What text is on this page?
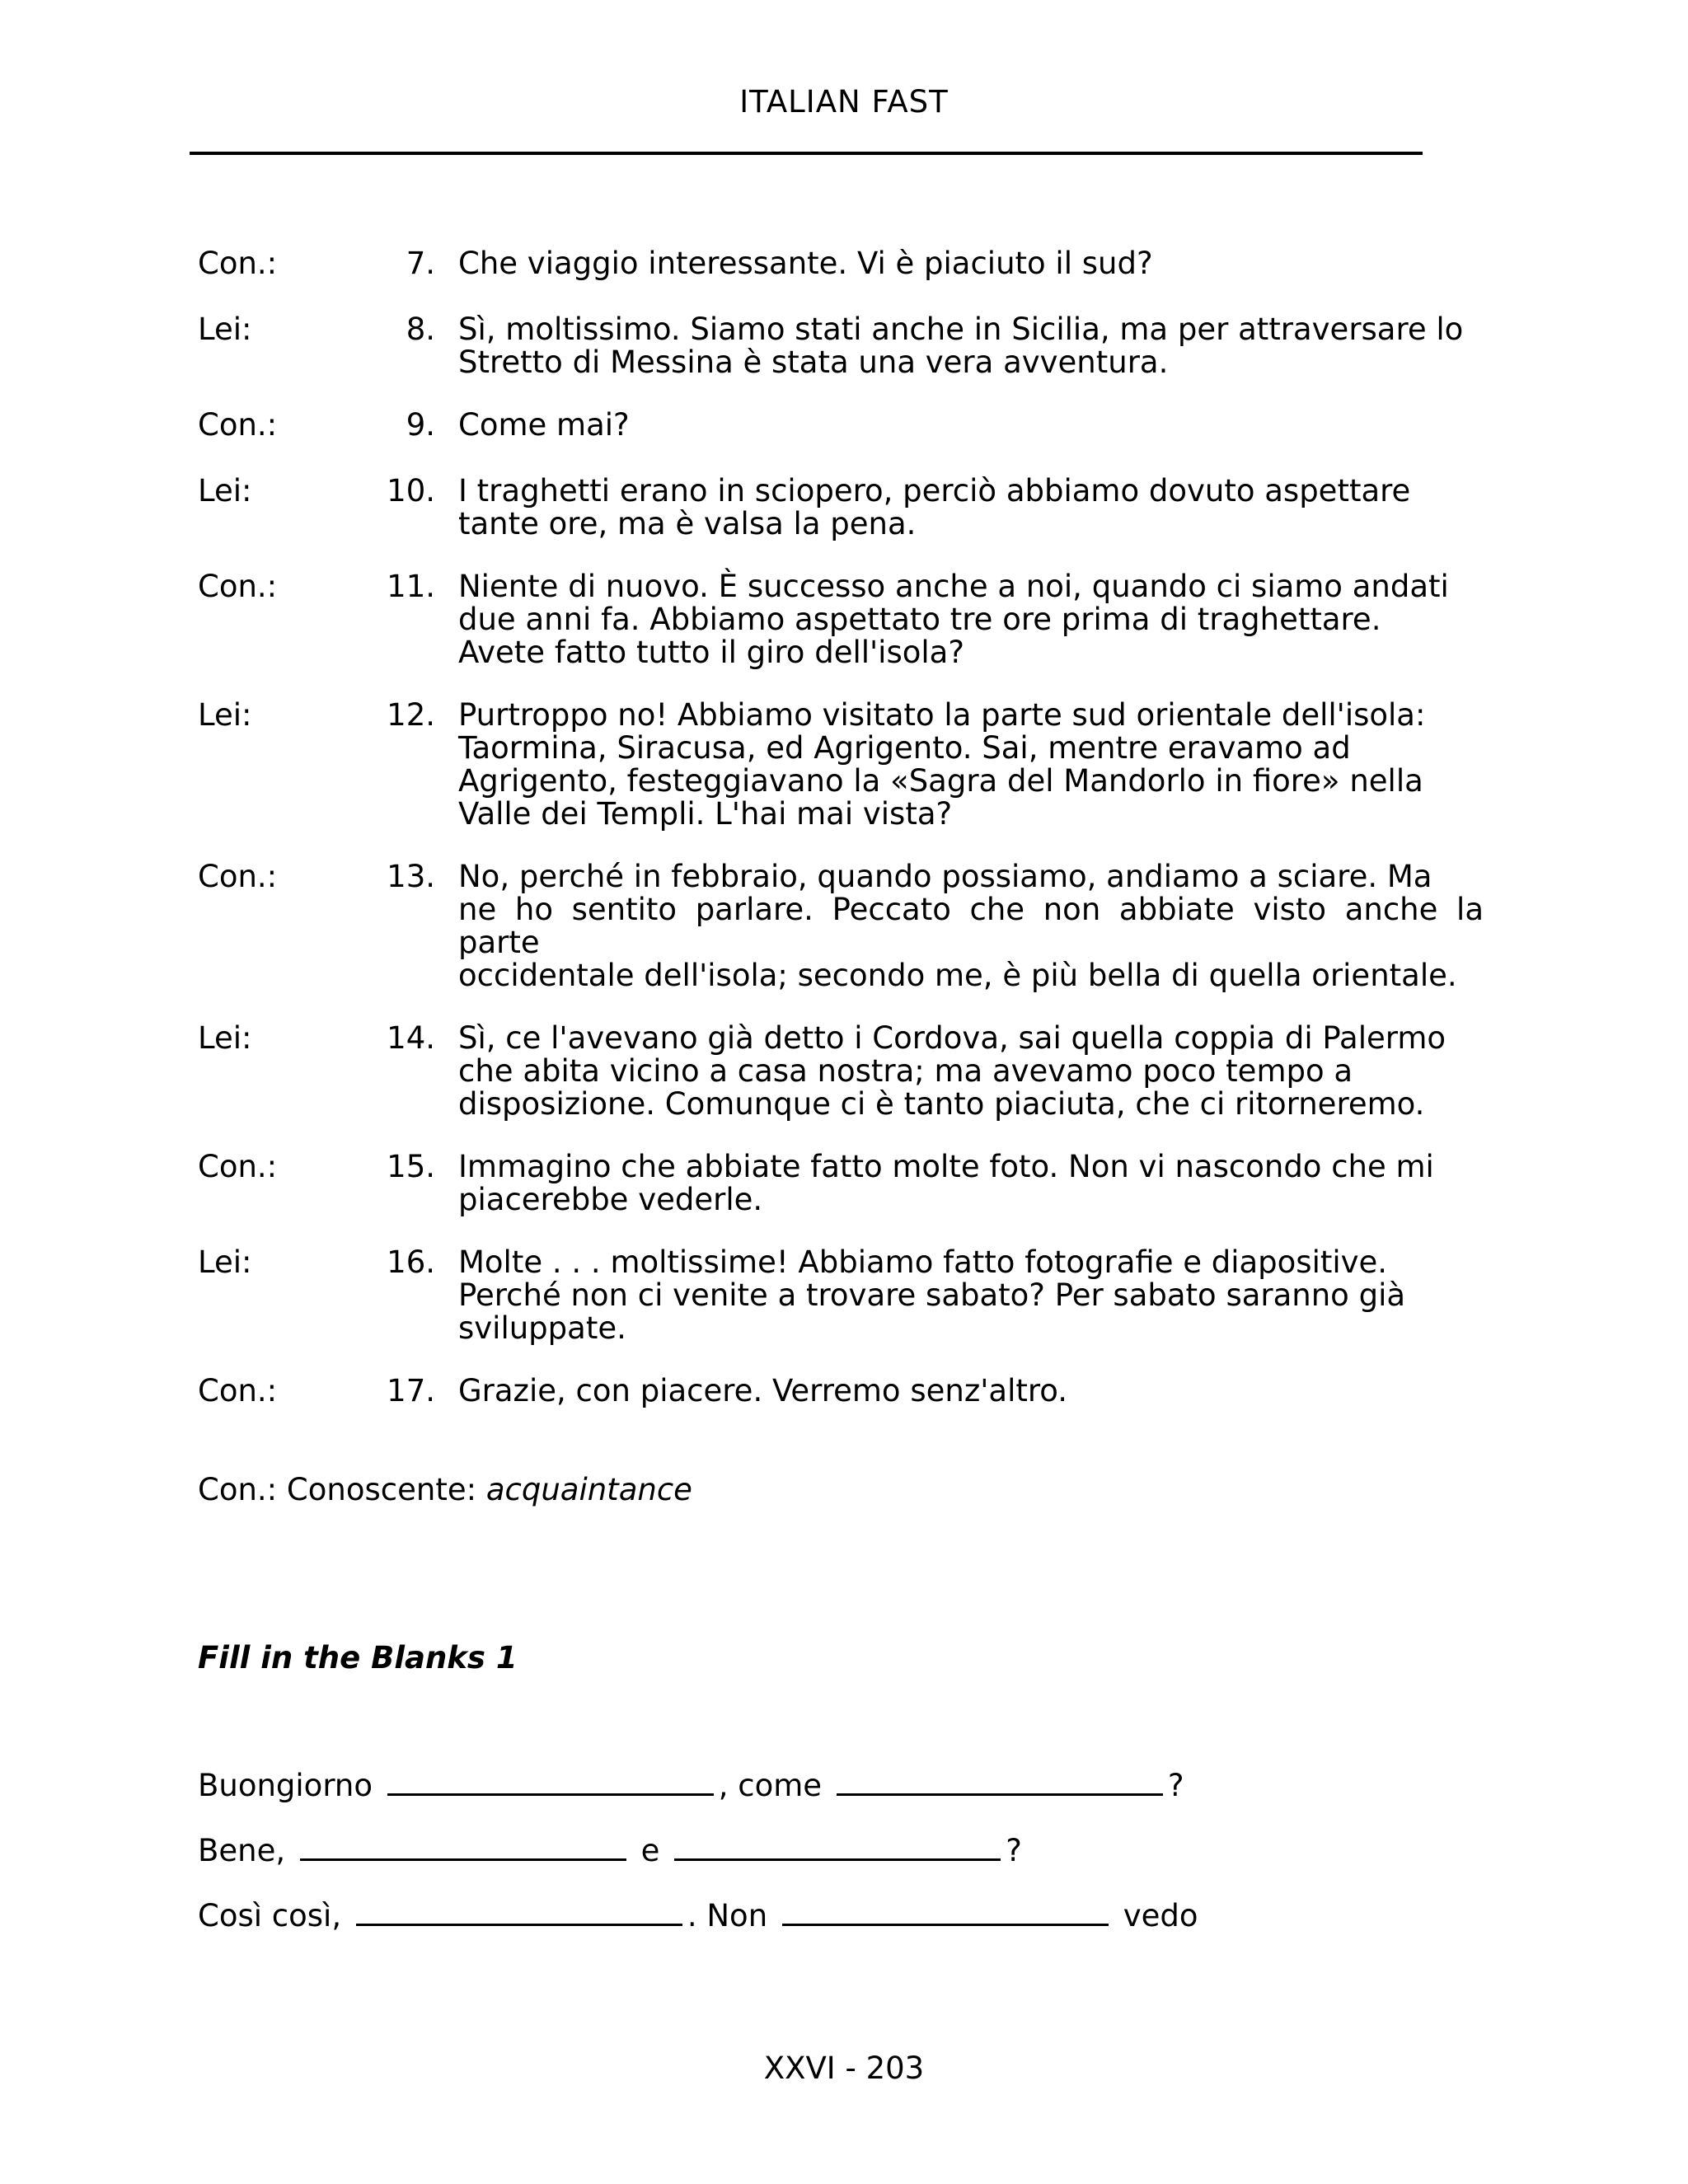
ITALIAN FAST
Con.:	7. Che viaggio interessante. Vi è piaciuto il sud?
Lei:	8. Sì, moltissimo. Siamo stati anche in Sicilia, ma per attraversare lo
Stretto di Messina è stata una vera avventura.
Con.:	9. Come mai?
Lei:	10. I traghetti erano in sciopero, perciò abbiamo dovuto aspettare
tante ore, ma è valsa la pena.
Con.:	11. Niente di nuovo. È successo anche a noi, quando ci siamo andati
due anni fa. Abbiamo aspettato tre ore prima di traghettare.
Avete fatto tutto il giro dell'isola?
Lei:	12. Purtroppo no! Abbiamo visitato la parte sud orientale dell'isola:
Taormina, Siracusa, ed Agrigento. Sai, mentre eravamo ad
Agrigento, festeggiavano la «Sagra del Mandorlo in fiore» nella
Valle dei Templi. L'hai mai vista?
Con.:	13. No, perché in febbraio, quando possiamo, andiamo a sciare. Ma
ne ho sentito parlare. Peccato che non abbiate visto anche la parte
occidentale dell'isola; secondo me, è più bella di quella orientale.
Lei:	14. Sì, ce l'avevano già detto i Cordova, sai quella coppia di Palermo
che abita vicino a casa nostra; ma avevamo poco tempo a
disposizione. Comunque ci è tanto piaciuta, che ci ritorneremo.
Con.:	15. Immagino che abbiate fatto molte foto. Non vi nascondo che mi
piacerebbe vederle.
Lei:	16. Molte . . . moltissime! Abbiamo fatto fotografie e diapositive.
Perché non ci venite a trovare sabato? Per sabato saranno già
sviluppate.
Con.:	17. Grazie, con piacere. Verremo senz'altro.
Con.: Conoscente: acquaintance
Fill in the Blanks 1
Buongiorno	, come	?
Bene,	e	?
Così così,	. Non	vedo
XXVI - 203
